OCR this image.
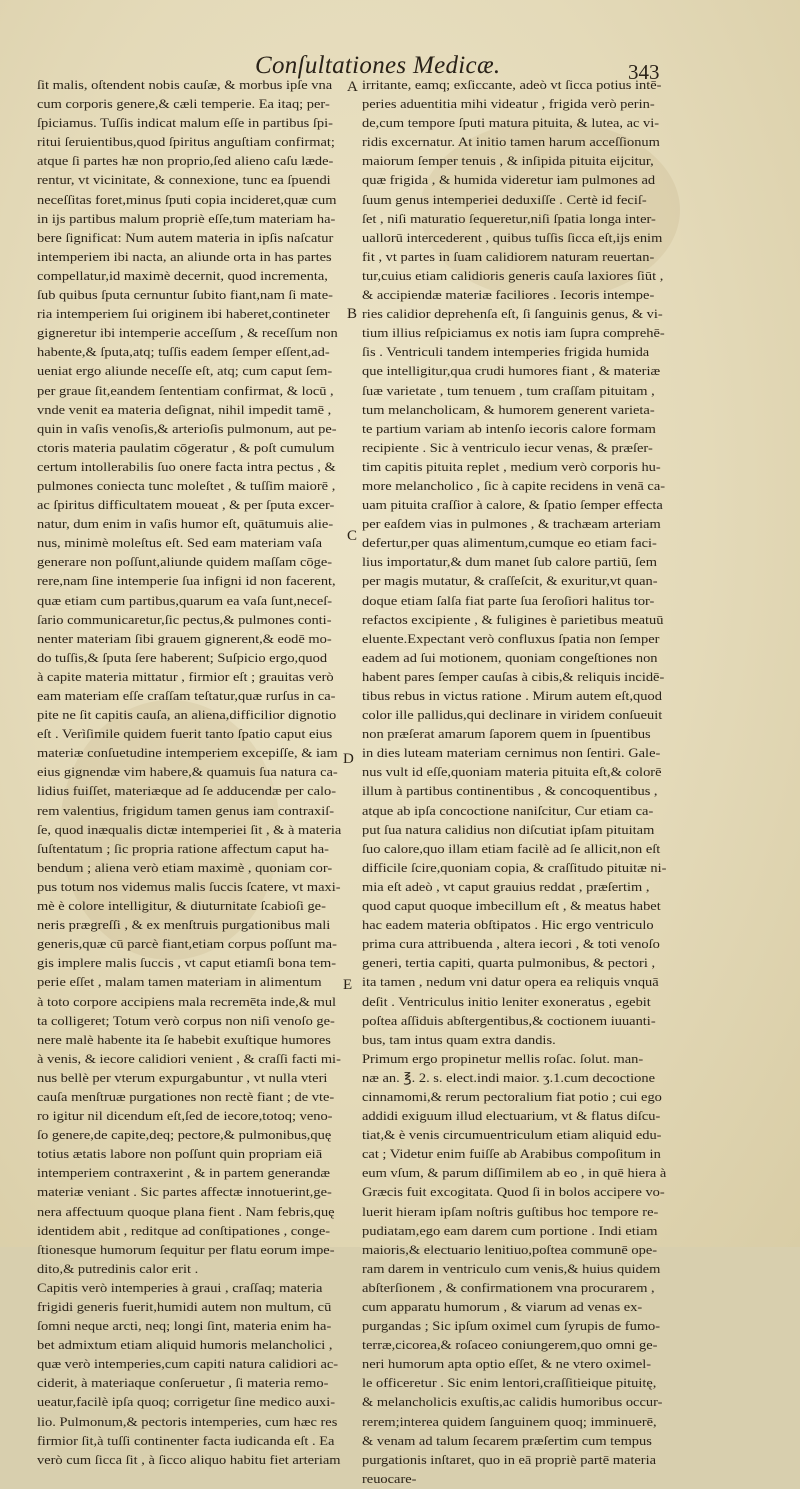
Conſultationes Medicæ.	343
ſit malis, oſtendent nobis cauſæ, & morbus ipſe vna
cum corporis genere,& cæli temperie. Ea itaq; per-
ſpiciamus. Tuſſis indicat malum eſſe in partibus ſpi-
ritui ſeruientibus,quod ſpiritus anguſtiam confirmat;
atque ſi partes hæ non proprio,ſed alieno caſu læde-
rentur, vt vicinitate, & connexione, tunc ea ſpuendi
neceſſitas foret,minus ſputi copia incideret,quæ cum
in ijs partibus malum propriè eſſe,tum materiam ha-
bere ſignificat: Num autem materia in ipſis naſcatur
intemperiem ibi nacta, an aliunde orta in has partes
compellatur,id maximè decernit, quod incrementa,
ſub quibus ſputa cernuntur ſubito fiant,nam ſi mate-
ria intemperiem ſui originem ibi haberet,contineter
gigneretur ibi intemperie acceſſum , & receſſum non
habente,& ſputa,atq; tuſſis eadem ſemper eſſent,ad-
ueniat ergo aliunde neceſſe eſt, atq; cum caput ſem-
per graue ſit,eandem ſententiam confirmat, & locū ,
vnde venit ea materia deſignat, nihil impedit tamē ,
quin in vaſis venoſis,& arterioſis pulmonum, aut pe-
ctoris materia paulatim cōgeratur , & poſt cumulum
certum intollerabilis ſuo onere facta intra pectus , &
pulmones coniecta tunc moleſtet , & tuſſim maiorē ,
ac ſpiritus difficultatem moueat , & per ſputa excer-
natur, dum enim in vaſis humor eſt, quātumuis alie-
nus, minimè moleſtus eſt. Sed eam materiam vaſa
generare non poſſunt,aliunde quidem maſſam cōge-
rere,nam ſine intemperie ſua infigni id non facerent,
quæ etiam cum partibus,quarum ea vaſa ſunt,neceſ-
ſario communicaretur,ſic pectus,& pulmones conti-
nenter materiam ſibi grauem gignerent,& eodē mo-
do tuſſis,& ſputa ſere haberent; Suſpicio ergo,quod
à capite materia mittatur , firmior eſt ; grauitas verò
eam materiam eſſe craſſam teſtatur,quæ rurſus in ca-
pite ne ſit capitis cauſa, an aliena,difficilior dignotio
eſt . Verìſimile quidem fuerit tanto ſpatio caput eius
materiæ conſuetudine intemperiem excepiſſe, & iam
eius gignendæ vim habere,& quamuis ſua natura ca-
lidius fuiſſet, materiæque ad ſe adducendæ per calo-
rem valentius, frigidum tamen genus iam contraxiſ-
ſe, quod inæqualis dictæ intemperiei ſit , & à materia
ſuſtentatum ; ſic propria ratione affectum caput ha-
bendum ; aliena verò etiam maximè , quoniam cor-
pus totum nos videmus malis ſuccis ſcatere, vt maxi-
mè è colore intelligitur, & diuturnitate ſcabioſi ge-
neris prægreſſi , & ex menſtruis purgationibus mali
generis,quæ cū parcè fiant,etiam corpus poſſunt ma-
gis implere malis ſuccis , vt caput etiamſi bona tem-
perie eſſet , malam tamen materiam in alimentum
à toto corpore accipiens mala recremēta inde,& mul
ta colligeret; Totum verò corpus non niſi venoſo ge-
nere malè habente ita ſe habebit exuſtique humores
à venis, & iecore calidiori venient , & craſſi facti mi-
nus bellè per vterum expurgabuntur , vt nulla vteri
cauſa menſtruæ purgationes non rectè fiant ; de vte-
ro igitur nil dicendum eſt,ſed de iecore,totoq; veno-
ſo genere,de capite,deq; pectore,& pulmonibus,quę
totius ætatis labore non poſſunt quin propriam eiā
intemperiem contraxerint , & in partem generandæ
materiæ veniant . Sic partes affectæ innotuerint,ge-
nera affectuum quoque plana fient . Nam febris,quę
identidem abit , reditque ad conſtipationes , conge-
ſtionesque humorum ſequitur per flatu eorum impe-
dito,& putredinis calor erit .
Capitis verò intemperies à graui , craſſaq; materia
frigidi generis fuerit,humidi autem non multum, cū
ſomni neque arcti, neq; longi ſint, materia enim ha-
bet admixtum etiam aliquid humoris melancholici ,
quæ verò intemperies,cum capiti natura calidiori ac-
ciderit, à materiaque conſeruetur , ſi materia remo-
ueatur,facilè ipſa quoq; corrigetur ſine medico auxi-
lio. Pulmonum,& pectoris intemperies, cum hæc res
firmior ſit,à tuſſi continenter facta iudicanda eſt . Ea
verò cum ſicca ſit , à ſicco aliquo habitu fiet arteriam
irritante, eamq; exſiccante, adeò vt ſicca potius intē-
peries aduentitia mihi videatur , frigida verò perin-
de,cum tempore ſputi matura pituita, & lutea, ac vi-
ridis excernatur. At initio tamen harum acceſſionum
maiorum ſemper tenuis , & inſipida pituita eijcitur,
quæ frigida , & humida videretur iam pulmones ad
ſuum genus intemperiei deduxiſſe . Certè id feciſ-
ſet , niſi maturatio ſequeretur,niſi ſpatia longa inter-
uallorū intercederent , quibus tuſſis ſicca eſt,ijs enim
fit , vt partes in ſuam calidiorem naturam reuertan-
tur,cuius etiam calidioris generis cauſa laxiores ſiūt ,
& accipiendæ materiæ faciliores . Iecoris intempe-
ries calidior deprehenſa eſt, ſi ſanguinis genus, & vi-
tium illius reſpiciamus ex notis iam ſupra comprehē-
ſis . Ventriculi tandem intemperies frigida humida
que intelligitur,qua crudi humores fiant , & materiæ
ſuæ varietate , tum tenuem , tum craſſam pituitam ,
tum melancholicam, & humorem generent varieta-
te partium variam ab intenſo iecoris calore formam
recipiente . Sic à ventriculo iecur venas, & præſer-
tim capitis pituita replet , medium verò corporis hu-
more melancholico , ſic à capite recidens in venā ca-
uam pituita craſſior à calore, & ſpatio ſemper effecta
per eaſdem vias in pulmones , & trachæam arteriam
defertur,per quas alimentum,cumque eo etiam faci-
lius importatur,& dum manet ſub calore partiū, ſem
per magis mutatur, & craſſeſcit, & exuritur,vt quan-
doque etiam ſalſa fiat parte ſua ſeroſiori halitus tor-
refactos excipiente , & fuligines è parietibus meatuū
eluente.Expectant verò confluxus ſpatia non ſemper
eadem ad ſui motionem, quoniam congeſtiones non
habent pares ſemper cauſas à cibis,& reliquis incidē-
tibus rebus in victus ratione . Mirum autem eſt,quod
color ille pallidus,qui declinare in viridem conſueuit
non præſerat amarum ſaporem quem in ſpuentibus
in dies luteam materiam cernimus non ſentiri. Gale-
nus vult id eſſe,quoniam materia pituita eſt,& colorē
illum à partibus continentibus , & concoquentibus ,
atque ab ipſa concoctione naniſcitur, Cur etiam ca-
put ſua natura calidius non diſcutiat ipſam pituitam
ſuo calore,quo illam etiam facilè ad ſe allicit,non eſt
difficile ſcire,quoniam copia, & craſſitudo pituitæ ni-
mia eſt adeò , vt caput grauius reddat , præſertim ,
quod caput quoque imbecillum eſt , & meatus habet
hac eadem materia obſtipatos . Hic ergo ventriculo
prima cura attribuenda , altera iecori , & toti venoſo
generi, tertia capiti, quarta pulmonibus, & pectori ,
ita tamen , nedum vni datur opera ea reliquis vnquā
deſit . Ventriculus initio leniter exoneratus , egebit
poſtea aſſiduis abſtergentibus,& coctionem iuuanti-
bus, tam intus quam extra dandis.
Primum ergo propinetur mellis roſac. ſolut. man-
næ an. ℥. 2. s. elect.indi maior. ʒ.1.cum decoctione
cinnamomi,& rerum pectoralium fiat potio ; cui ego
addidi exiguum illud electuarium, vt & flatus diſcu-
tiat,& è venis circumuentriculum etiam aliquid edu-
cat ; Videtur enim fuiſſe ab Arabibus compoſitum in
eum vſum, & parum diſſimilem ab eo , in quē hiera à
Græcis fuit excogitata. Quod ſi in bolos accipere vo-
luerit hieram ipſam noſtris guſtibus hoc tempore re-
pudiatam,ego eam darem cum portione . Indi etiam
maioris,& electuario lenitiuo,poſtea communē ope-
ram darem in ventriculo cum venis,& huius quidem
abſterſionem , & confirmationem vna procurarem ,
cum apparatu humorum , & viarum ad venas ex-
purgandas ; Sic ipſum oximel cum ſyrupis de fumo-
terræ,cicorea,& roſaceo coniungerem,quo omni ge-
neri humorum apta optio eſſet, & ne vtero oximel-
le officeretur . Sic enim lentori,craſſitieique pituitę,
& melancholicis exuſtis,ac calidis humoribus occur-
rerem;interea quidem ſanguinem quoq; imminuerē,
& venam ad talum ſecarem præſertim cum tempus
purgationis inſtaret, quo in eā propriè partē materia
reuocare-
A
B
C
D
E
